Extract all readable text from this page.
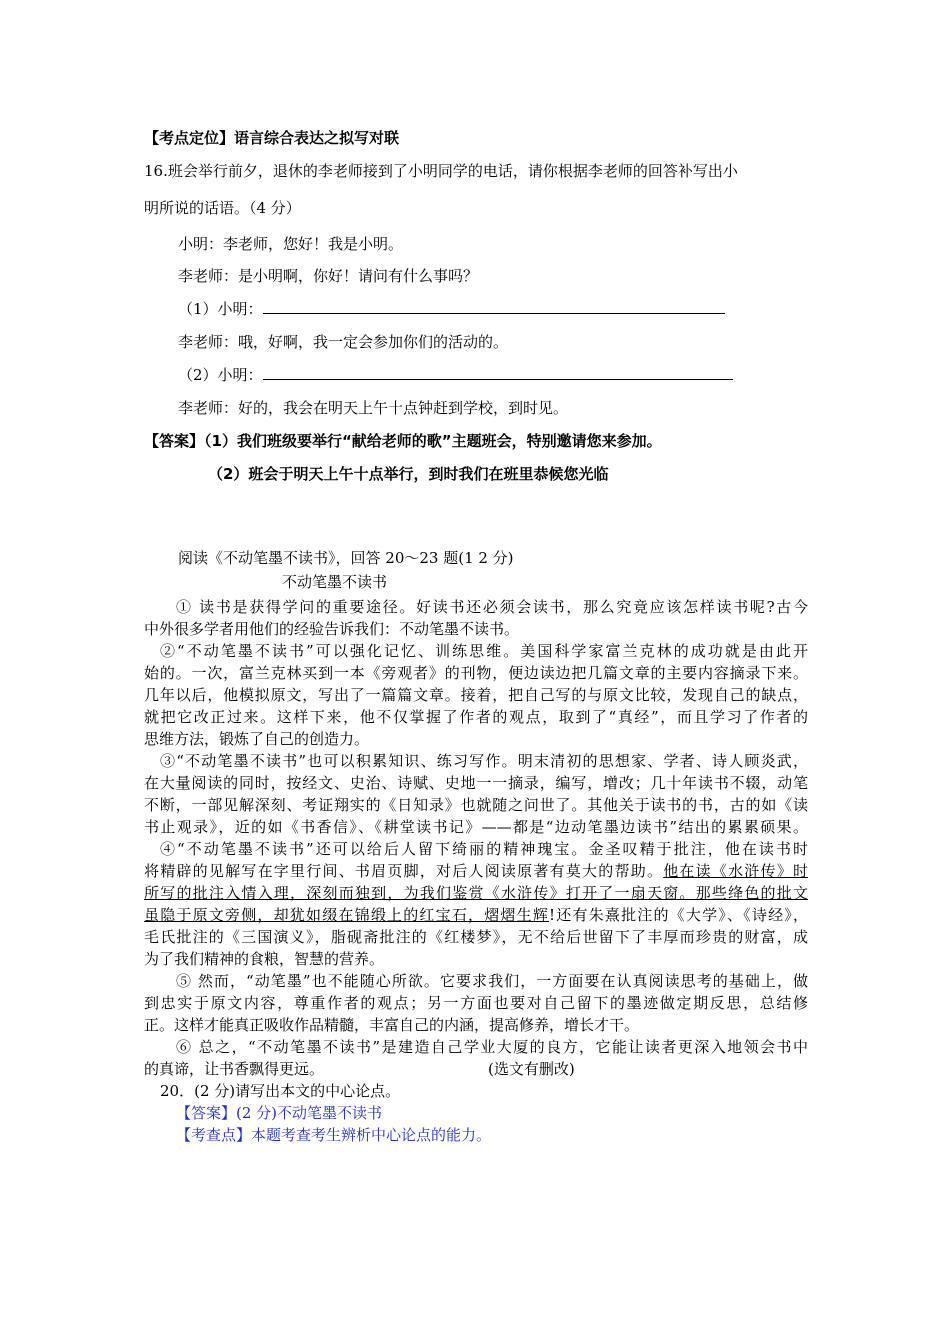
【考点定位】语言综合表达之拟写对联
16.班会举行前夕，退休的李老师接到了小明同学的电话，请你根据李老师的回答补写出小
明所说的话语。（4 分）
小明：李老师，您好！我是小明。
李老师：是小明啊，你好！请问有什么事吗？
（1）小明：
李老师：哦，好啊，我一定会参加你们的活动的。
（2）小明：
李老师：好的，我会在明天上午十点钟赶到学校，到时见。
【答案】（1）我们班级要举行“献给老师的歌”主题班会，特别邀请您来参加。
（2）班会于明天上午十点举行，到时我们在班里恭候您光临
阅读《不动笔墨不读书》，回答 20～23 题(1 2 分)
不动笔墨不读书
① 读书是获得学问的重要途径。好读书还必须会读书，那么究竟应该怎样读书呢?古今
中外很多学者用他们的经验告诉我们：不动笔墨不读书。
②“不动笔墨不读书”可以强化记忆、训练思维。美国科学家富兰克林的成功就是由此开
始的。一次，富兰克林买到一本《旁观者》的刊物，便边读边把几篇文章的主要内容摘录下来。
几年以后，他模拟原文，写出了一篇篇文章。接着，把自己写的与原文比较，发现自己的缺点，
就把它改正过来。这样下来，他不仅掌握了作者的观点，取到了“真经”，而且学习了作者的
思维方法，锻炼了自己的创造力。
③“不动笔墨不读书”也可以积累知识、练习写作。明末清初的思想家、学者、诗人顾炎武，
在大量阅读的同时，按经文、史治、诗赋、史地一一摘录，编写，增改；几十年读书不辍，动笔
不断，一部见解深刻、考证翔实的《日知录》也就随之问世了。其他关于读书的书，古的如《读
书止观录》，近的如《书香信》、《耕堂读书记》——都是“边动笔墨边读书”结出的累累硕果。
④“不动笔墨不读书”还可以给后人留下绮丽的精神瑰宝。金圣叹精于批注，他在读书时
将精辟的见解写在字里行间、书眉页脚，对后人阅读原著有莫大的帮助。他在读《水浒传》时
所写的批注入情入理，深刻而独到，为我们鉴赏《水浒传》打开了一扇天窗。那些绛色的批文
虽隐于原文旁侧，却犹如缀在锦缎上的红宝石，熠熠生辉!还有朱熹批注的《大学》、《诗经》，
毛氏批注的《三国演义》，脂砚斋批注的《红楼梦》，无不给后世留下了丰厚而珍贵的财富，成
为了我们精神的食粮，智慧的营养。
⑤ 然而，“动笔墨”也不能随心所欲。它要求我们，一方面要在认真阅读思考的基础上，做
到忠实于原文内容，尊重作者的观点；另一方面也要对自己留下的墨迹做定期反思，总结修
正。这样才能真正吸收作品精髓，丰富自己的内涵，提高修养，增长才干。
⑥ 总之，“不动笔墨不读书”是建造自己学业大厦的良方，它能让读者更深入地领会书中
的真谛，让书香飘得更远。	(选文有删改)
20．(2 分)请写出本文的中心论点。
【答案】(2 分)不动笔墨不读书
【考查点】本题考查考生辨析中心论点的能力。
